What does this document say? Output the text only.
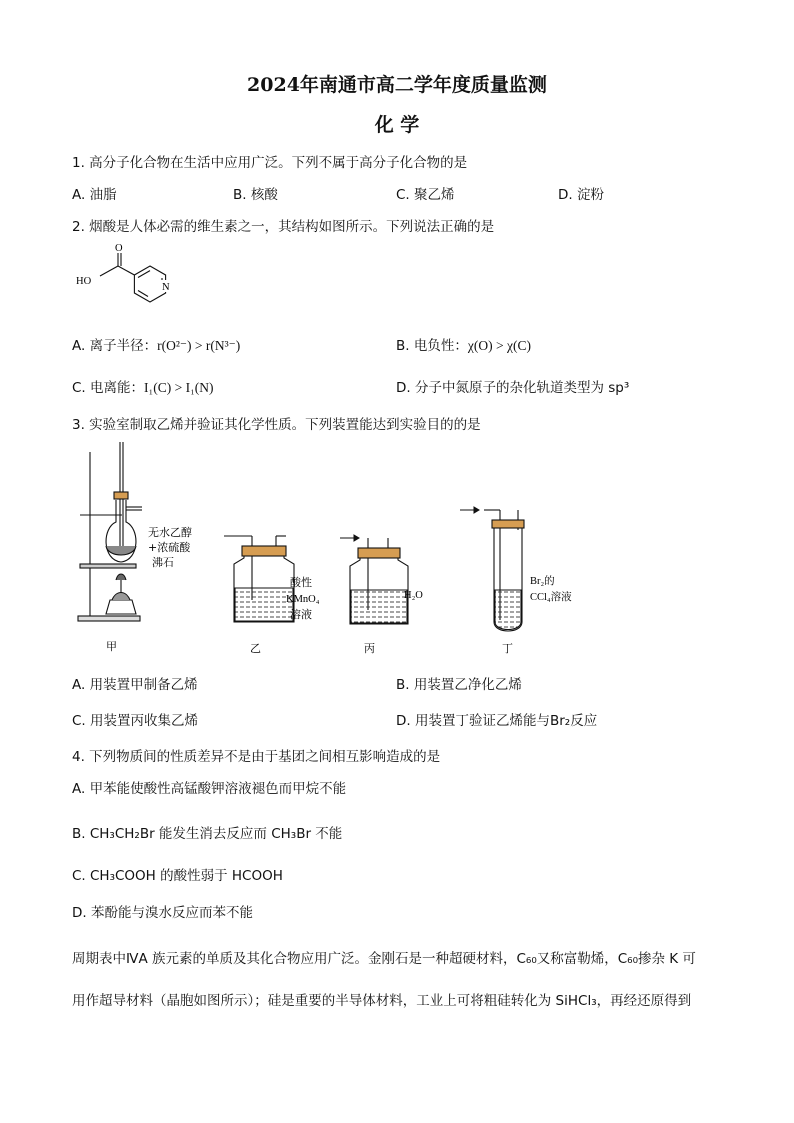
2024年南通市高二学年度质量监测
化 学
1. 高分子化合物在生活中应用广泛。下列不属于高分子化合物的是
A. 油脂	B. 核酸	C. 聚乙烯	D. 淀粉
2. 烟酸是人体必需的维生素之一，其结构如图所示。下列说法正确的是
O
HO
N
A. 离子半径：r(O²⁻) > r(N³⁻)	B. 电负性：χ(O) > χ(C)
C. 电离能：I₁(C) > I₁(N)	D. 分子中氮原子的杂化轨道类型为 sp³
3. 实验室制取乙烯并验证其化学性质。下列装置能达到实验目的的是
无水乙醇
+浓硫酸
沸石
酸性
KMnO₄
溶液
H₂O
Br₂的
CCl₄溶液
甲	乙	丙	丁
A. 用装置甲制备乙烯	B. 用装置乙净化乙烯
C. 用装置丙收集乙烯	D. 用装置丁验证乙烯能与Br₂反应
4. 下列物质间的性质差异不是由于基团之间相互影响造成的是
A. 甲苯能使酸性高锰酸钾溶液褪色而甲烷不能
B. CH₃CH₂Br 能发生消去反应而 CH₃Br 不能
C. CH₃COOH 的酸性弱于 HCOOH
D. 苯酚能与溴水反应而苯不能
周期表中ⅣA 族元素的单质及其化合物应用广泛。金刚石是一种超硬材料，C₆₀又称富勒烯，C₆₀掺杂 K 可
用作超导材料（晶胞如图所示）；硅是重要的半导体材料，工业上可将粗硅转化为 SiHCl₃，再经还原得到
